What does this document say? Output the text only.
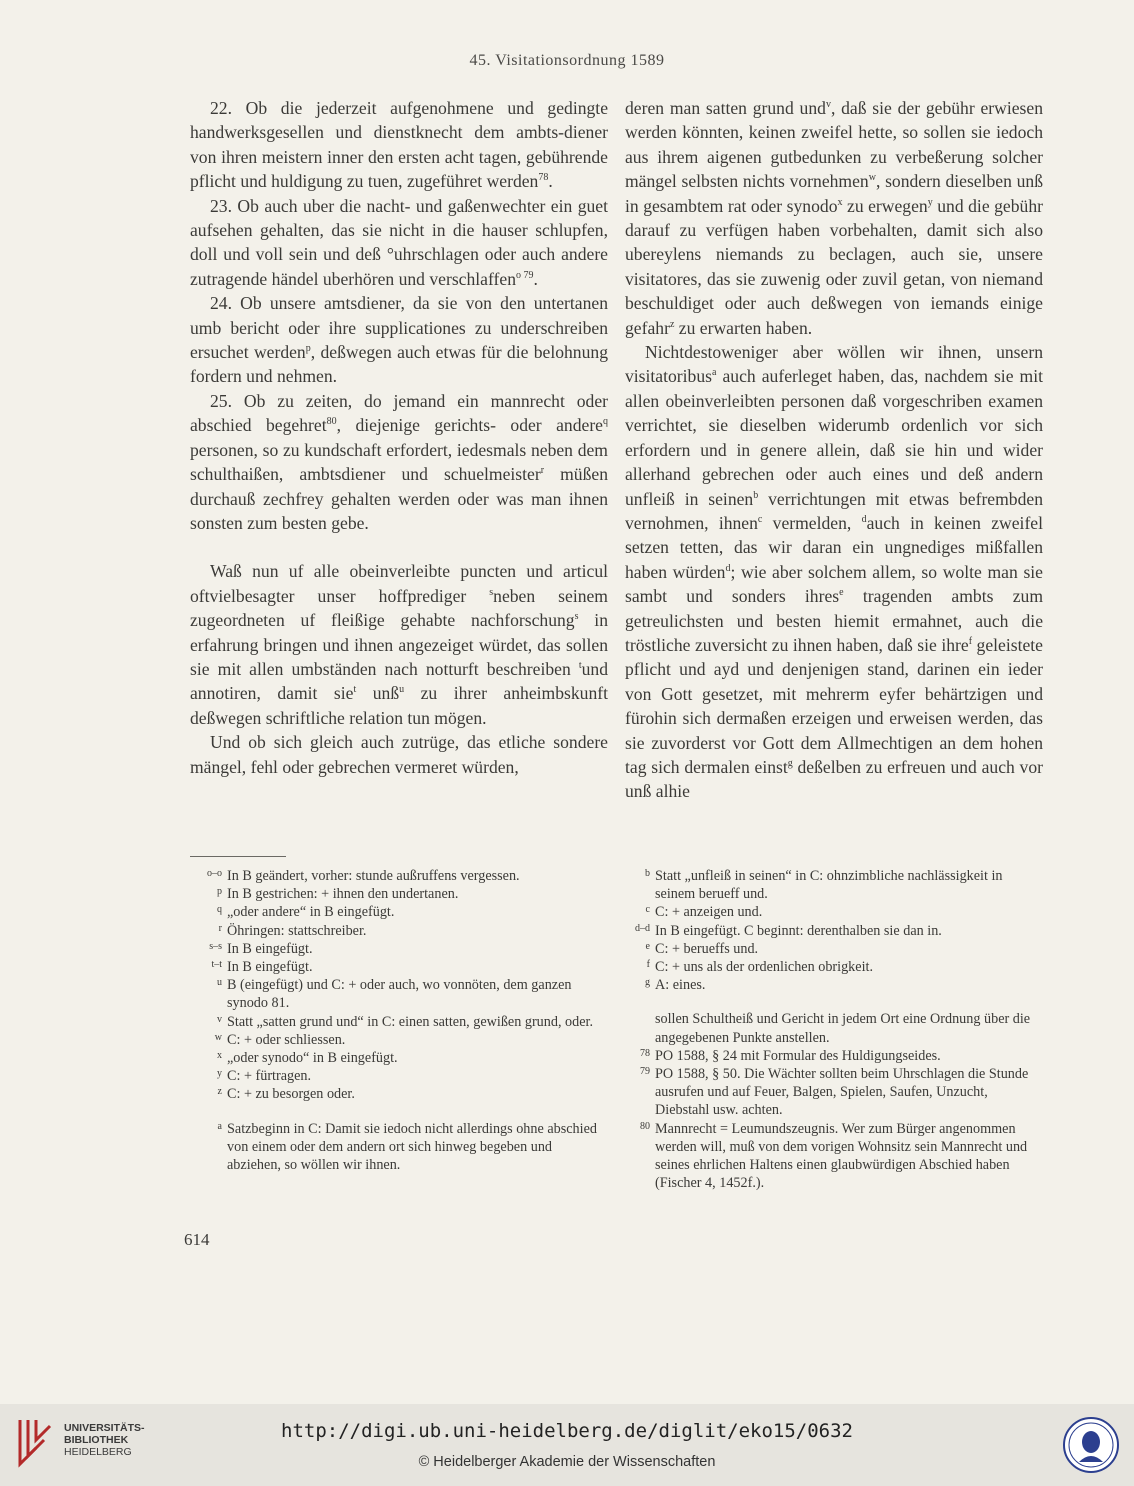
45. Visitationsordnung 1589

22. Ob die jederzeit aufgenohmene und gedingte handwerksgesellen und dienstknecht dem ambts-diener von ihren meistern inner den ersten acht tagen, gebührende pflicht und huldigung zu tuen, zugeführet werden$^{78}$.

23. Ob auch uber die nacht- und gaßenwechter ein guet aufsehen gehalten, das sie nicht in die hauser schlupfen, doll und voll sein und deß °uhrschlagen oder auch andere zutragende händel uberhören und verschlaffen$^{o 79}$.

24. Ob unsere amtsdiener, da sie von den untertanen umb bericht oder ihre supplicationes zu underschreiben ersuchet werden$^p$, deßwegen auch etwas für die belohnung fordern und nehmen.

25. Ob zu zeiten, do jemand ein mannrecht oder abschied begehret$^{80}$, diejenige gerichts- oder andere$^q$ personen, so zu kundschaft erfordert, iedesmals neben dem schulthaißen, ambtsdiener und schuelmeister$^r$ müßen durchauß zechfrey gehalten werden oder was man ihnen sonsten zum besten gebe.

Waß nun uf alle obeinverleibte puncten und articul oftvielbesagter unser hoffprediger $^s$neben seinem zugeordneten uf fleißige gehabte nachforschung$^s$ in erfahrung bringen und ihnen angezeiget würdet, das sollen sie mit allen umbständen nach notturft beschreiben $^t$und annotiren, damit sie$^t$ unß$^u$ zu ihrer anheimbskunft deßwegen schriftliche relation tun mögen.

Und ob sich gleich auch zutrüge, das etliche sondere mängel, fehl oder gebrechen vermeret würden,

deren man satten grund und$^v$, daß sie der gebühr erwiesen werden könnten, keinen zweifel hette, so sollen sie iedoch aus ihrem aigenen gutbedunken zu verbeßerung solcher mängel selbsten nichts vornehmen$^w$, sondern dieselben unß in gesambtem rat oder synodo$^x$ zu erwegen$^y$ und die gebühr darauf zu verfügen haben vorbehalten, damit sich also ubereylens niemands zu beclagen, auch sie, unsere visitatores, das sie zuwenig oder zuvil getan, von niemand beschuldiget oder auch deßwegen von iemands einige gefahr$^z$ zu erwarten haben.

Nichtdestoweniger aber wöllen wir ihnen, unsern visitatoribus$^a$ auch auferleget haben, das, nachdem sie mit allen obeinverleibten personen daß vorgeschriben examen verrichtet, sie dieselben widerumb ordenlich vor sich erfordern und in genere allein, daß sie hin und wider allerhand gebrechen oder auch eines und deß andern unfleiß in seinen$^b$ verrichtungen mit etwas befrembden vernohmen, ihnen$^c$ vermelden, $^d$auch in keinen zweifel setzen tetten, das wir daran ein ungnediges mißfallen haben würden$^d$; wie aber solchem allem, so wolte man sie sambt und sonders ihres$^e$ tragenden ambts zum getreulichsten und besten hiemit ermahnet, auch die tröstliche zuversicht zu ihnen haben, daß sie ihre$^f$ geleistete pflicht und ayd und denjenigen stand, darinen ein ieder von Gott gesetzet, mit mehrerm eyfer behärtzigen und fürohin sich dermaßen erzeigen und erweisen werden, das sie zuvorderst vor Gott dem Allmechtigen an dem hohen tag sich dermalen einst$^g$ deßelben zu erfreuen und auch vor unß alhie

o–o In B geändert, vorher: stunde außruffens vergessen.
p In B gestrichen: + ihnen den undertanen.
q „oder andere“ in B eingefügt.
r Öhringen: stattschreiber.
s–s In B eingefügt.
t–t In B eingefügt.
u B (eingefügt) und C: + oder auch, wo vonnöten, dem ganzen synodo 81.
v Statt „satten grund und“ in C: einen satten, gewißen grund, oder.
w C: + oder schliessen.
x „oder synodo“ in B eingefügt.
y C: + fürtragen.
z C: + zu besorgen oder.
a Satzbeginn in C: Damit sie iedoch nicht allerdings ohne abschied von einem oder dem andern ort sich hinweg begeben und abziehen, so wöllen wir ihnen.
b Statt „unfleiß in seinen“ in C: ohnzimbliche nachlässigkeit in seinem berueff und.
c C: + anzeigen und.
d–d In B eingefügt. C beginnt: derenthalben sie dan in.
e C: + berueffs und.
f C: + uns als der ordenlichen obrigkeit.
g A: eines.
sollen Schultheiß und Gericht in jedem Ort eine Ordnung über die angegebenen Punkte anstellen.
78 PO 1588, § 24 mit Formular des Huldigungseides.
79 PO 1588, § 50. Die Wächter sollten beim Uhrschlagen die Stunde ausrufen und auf Feuer, Balgen, Spielen, Saufen, Unzucht, Diebstahl usw. achten.
80 Mannrecht = Leumundszeugnis. Wer zum Bürger angenommen werden will, muß von dem vorigen Wohnsitz sein Mannrecht und seines ehrlichen Haltens einen glaubwürdigen Abschied haben (Fischer 4, 1452f.).
614
UNIVERSITÄTS-
BIBLIOTHEK
HEIDELBERG
http://digi.ub.uni-heidelberg.de/diglit/eko15/0632
© Heidelberger Akademie der Wissenschaften
